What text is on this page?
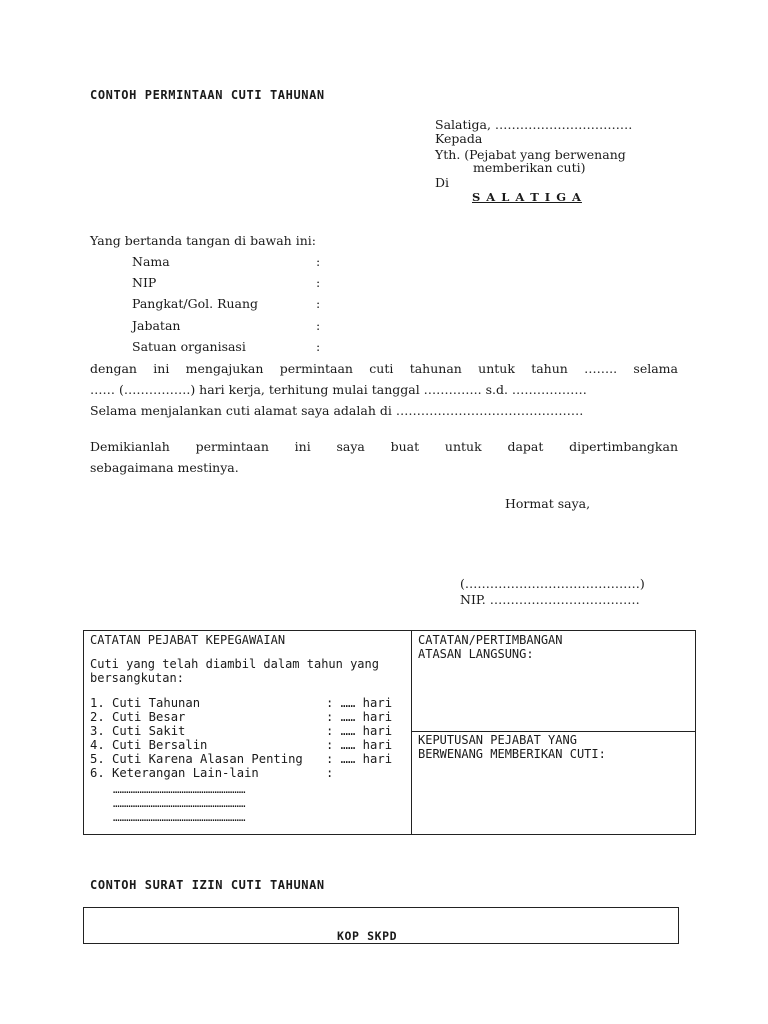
CONTOH PERMINTAAN CUTI TAHUNAN
Salatiga, ……………………………
Kepada
Yth. (Pejabat yang berwenang
memberikan cuti)
Di
S A L A T I G A
Yang bertanda tangan di bawah ini:
Nama	:
NIP	:
Pangkat/Gol. Ruang	:
Jabatan	:
Satuan organisasi	:
dengan ini mengajukan permintaan cuti tahunan untuk tahun …….. selama
…… (…………….) hari kerja, terhitung mulai tanggal ………….. s.d. ………………
Selama menjalankan cuti alamat saya adalah di ………………………………………
Demikianlah permintaan ini saya buat untuk dapat dipertimbangkan
sebagaimana mestinya.
Hormat saya,
(……………………………………)
NIP. ………………………………
CATATAN PEJABAT KEPEGAWAIAN
Cuti yang telah diambil dalam tahun yang
bersangkutan:
1. Cuti Tahunan	: …… hari
2. Cuti Besar	: …… hari
3. Cuti Sakit	: …… hari
4. Cuti Bersalin	: …… hari
5. Cuti Karena Alasan Penting : …… hari
6. Keterangan Lain-lain	:
……………………………………………………
……………………………………………………
……………………………………………………
CATATAN/PERTIMBANGAN
ATASAN LANGSUNG:
KEPUTUSAN PEJABAT YANG
BERWENANG MEMBERIKAN CUTI:
CONTOH SURAT IZIN CUTI TAHUNAN
KOP SKPD
